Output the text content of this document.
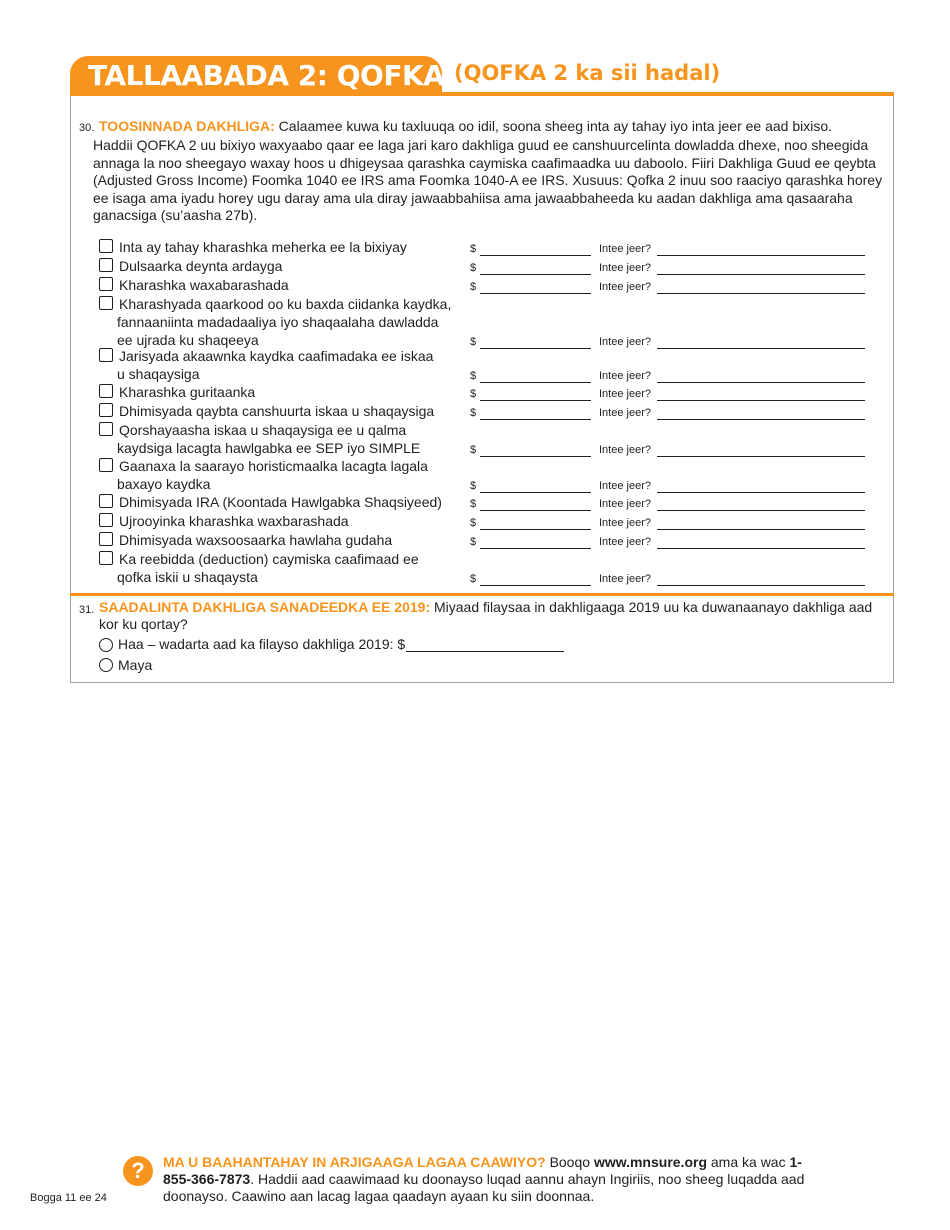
TALLAABADA 2: QOFKA 2
(QOFKA 2 ka sii hadal)
30. TOOSINNADA DAKHLIGA: Calaamee kuwa ku taxluuqa oo idil, soona sheeg inta ay tahay iyo inta jeer ee aad bixiso.
Haddii QOFKA 2 uu bixiyo waxyaabo qaar ee laga jari karo dakhliga guud ee canshuurcelinta dowladda dhexe, noo sheegida annaga la noo sheegayo waxay hoos u dhigeysaa qarashka caymiska caafimaadka uu daboolo. Fiiri Dakhliga Guud ee qeybta (Adjusted Gross Income) Foomka 1040 ee IRS ama Foomka 1040-A ee IRS. Xusuus: Qofka 2 inuu soo raaciyo qarashka horey ee isaga ama iyadu horey ugu daray ama ula diray jawaabbahiisa ama jawaabbaheeda ku aadan dakhliga ama qasaaraha ganacsiga (su’aasha 27b).
Inta ay tahay kharashka meherka ee la bixiyay	$	Intee jeer?
Dulsaarka deynta ardayga	$	Intee jeer?
Kharashka waxabarashada	$	Intee jeer?
Kharashyada qaarkood oo ku baxda ciidanka kaydka,
fannaaniinta madadaaliya iyo shaqaalaha dawladda
ee ujrada ku shaqeeya	$	Intee jeer?
Jarisyada akaawnka kaydka caafimadaka ee iskaa
u shaqaysiga	$	Intee jeer?
Kharashka guritaanka	$	Intee jeer?
Dhimisyada qaybta canshuurta iskaa u shaqaysiga	$	Intee jeer?
Qorshayaasha iskaa u shaqaysiga ee u qalma
kaydsiga lacagta hawlgabka ee SEP iyo SIMPLE	$	Intee jeer?
Gaanaxa la saarayo horisticmaalka lacagta lagala
baxayo kaydka	$	Intee jeer?
Dhimisyada IRA (Koontada Hawlgabka Shaqsiyeed)	$	Intee jeer?
Ujrooyinka kharashka waxbarashada	$	Intee jeer?
Dhimisyada waxsoosaarka hawlaha gudaha	$	Intee jeer?
Ka reebidda (deduction) caymiska caafimaad ee
qofka iskii u shaqaysta	$	Intee jeer?
31. SAADALINTA DAKHLIGA SANADEEDKA EE 2019: Miyaad filaysaa in dakhligaaga 2019 uu ka duwanaanayo dakhliga aad kor ku qortay?
Haa – wadarta aad ka filayso dakhliga 2019: $
Maya
?	MA U BAAHANTAHAY IN ARJIGAAGA LAGAA CAAWIYO? Booqo www.mnsure.org ama ka wac 1-855-366-7873. Haddii aad caawimaad ku doonayso luqad aannu ahayn Ingiriis, noo sheeg luqadda aad doonayso. Caawino aan lacag lagaa qaadayn ayaan ku siin doonnaa.
Bogga 11 ee 24
